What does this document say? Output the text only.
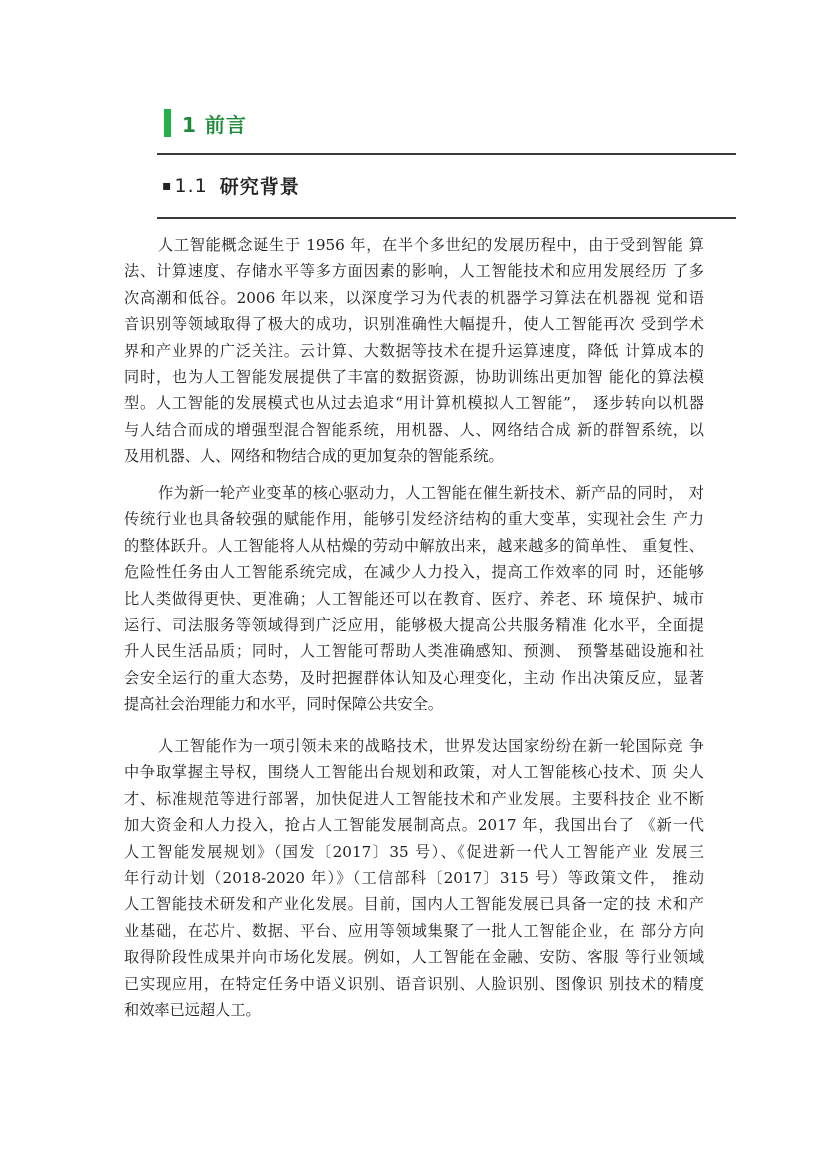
1 前言
▪ 1.1 研究背景
人工智能概念诞生于 1956 年，在半个多世纪的发展历程中，由于受到智能 算
法、计算速度、存储水平等多方面因素的影响，人工智能技术和应用发展经历 了多
次高潮和低谷。2006 年以来，以深度学习为代表的机器学习算法在机器视 觉和语
音识别等领域取得了极大的成功，识别准确性大幅提升，使人工智能再次 受到学术
界和产业界的广泛关注。云计算、大数据等技术在提升运算速度，降低 计算成本的
同时，也为人工智能发展提供了丰富的数据资源，协助训练出更加智 能化的算法模
型。人工智能的发展模式也从过去追求“用计算机模拟人工智能”， 逐步转向以机器
与人结合而成的增强型混合智能系统，用机器、人、网络结合成 新的群智系统，以
及用机器、人、网络和物结合成的更加复杂的智能系统。
作为新一轮产业变革的核心驱动力，人工智能在催生新技术、新产品的同时， 对
传统行业也具备较强的赋能作用，能够引发经济结构的重大变革，实现社会生 产力
的整体跃升。人工智能将人从枯燥的劳动中解放出来，越来越多的简单性、 重复性、
危险性任务由人工智能系统完成，在减少人力投入，提高工作效率的同 时，还能够
比人类做得更快、更准确；人工智能还可以在教育、医疗、养老、环 境保护、城市
运行、司法服务等领域得到广泛应用，能够极大提高公共服务精准 化水平，全面提
升人民生活品质；同时，人工智能可帮助人类准确感知、预测、 预警基础设施和社
会安全运行的重大态势，及时把握群体认知及心理变化，主动 作出决策反应，显著
提高社会治理能力和水平，同时保障公共安全。
人工智能作为一项引领未来的战略技术，世界发达国家纷纷在新一轮国际竞 争
中争取掌握主导权，围绕人工智能出台规划和政策，对人工智能核心技术、顶 尖人
才、标准规范等进行部署，加快促进人工智能技术和产业发展。主要科技企 业不断
加大资金和人力投入，抢占人工智能发展制高点。2017 年，我国出台了 《新一代
人工智能发展规划》（国发〔2017〕35 号）、《促进新一代人工智能产业 发展三
年行动计划（2018-2020 年）》（工信部科〔2017〕315 号）等政策文件， 推动
人工智能技术研发和产业化发展。目前，国内人工智能发展已具备一定的技 术和产
业基础，在芯片、数据、平台、应用等领域集聚了一批人工智能企业，在 部分方向
取得阶段性成果并向市场化发展。例如，人工智能在金融、安防、客服 等行业领域
已实现应用，在特定任务中语义识别、语音识别、人脸识别、图像识 别技术的精度
和效率已远超人工。
